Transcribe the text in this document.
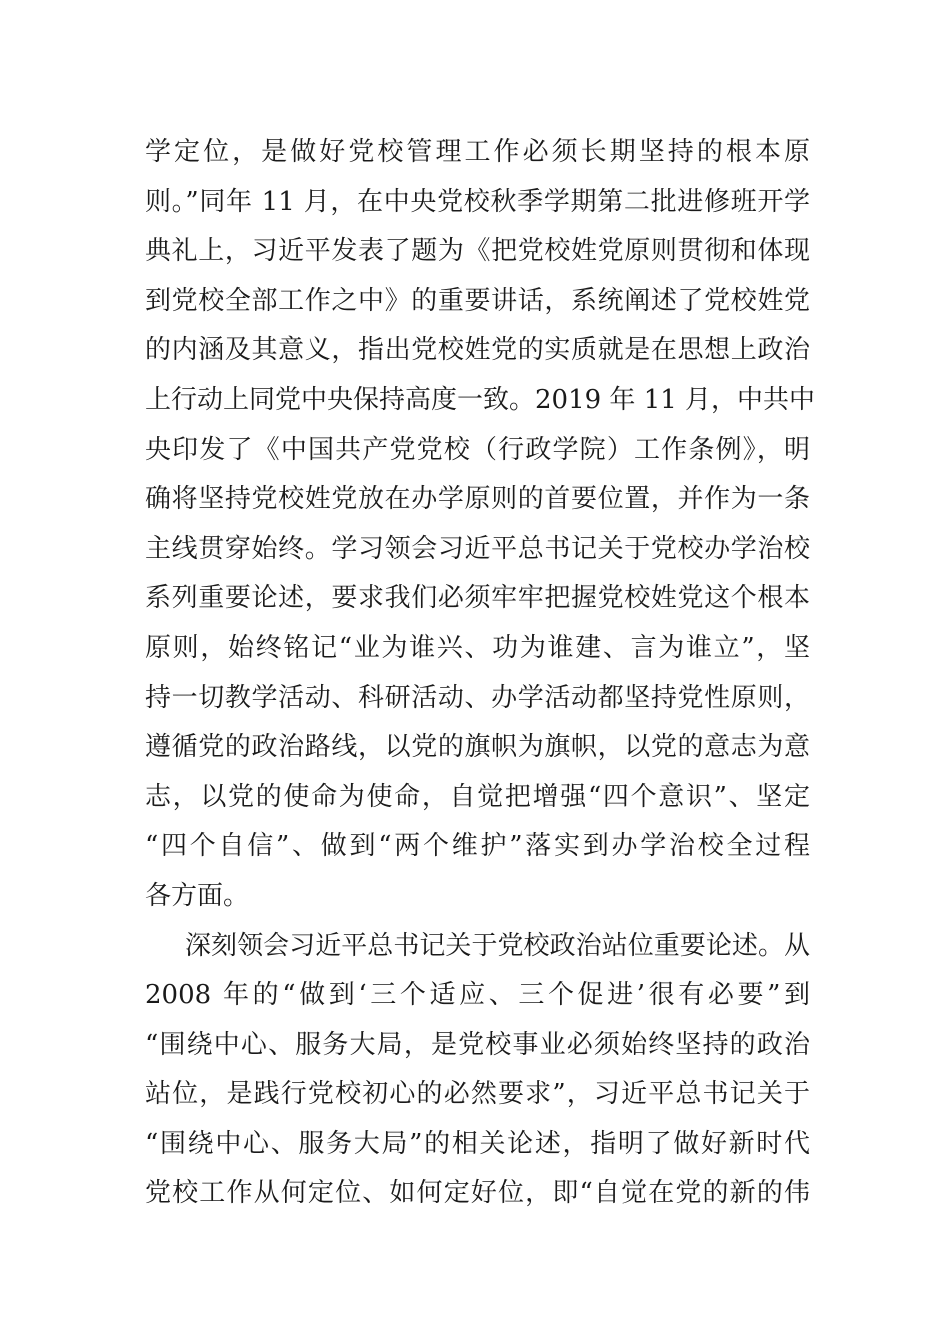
学定位，是做好党校管理工作必须长期坚持的根本原
则。”同年 11 月，在中央党校秋季学期第二批进修班开学
典礼上，习近平发表了题为《把党校姓党原则贯彻和体现
到党校全部工作之中》的重要讲话，系统阐述了党校姓党
的内涵及其意义，指出党校姓党的实质就是在思想上政治
上行动上同党中央保持高度一致。2019 年 11 月，中共中
央印发了《中国共产党党校（行政学院）工作条例》，明
确将坚持党校姓党放在办学原则的首要位置，并作为一条
主线贯穿始终。学习领会习近平总书记关于党校办学治校
系列重要论述，要求我们必须牢牢把握党校姓党这个根本
原则，始终铭记“业为谁兴、功为谁建、言为谁立”，坚
持一切教学活动、科研活动、办学活动都坚持党性原则，
遵循党的政治路线，以党的旗帜为旗帜，以党的意志为意
志，以党的使命为使命，自觉把增强“四个意识”、坚定
“四个自信”、做到“两个维护”落实到办学治校全过程
各方面。
深刻领会习近平总书记关于党校政治站位重要论述。从
2008 年的“做到‘三个适应、三个促进’很有必要”到
“围绕中心、服务大局，是党校事业必须始终坚持的政治
站位，是践行党校初心的必然要求”，习近平总书记关于
“围绕中心、服务大局”的相关论述，指明了做好新时代
党校工作从何定位、如何定好位，即“自觉在党的新的伟
